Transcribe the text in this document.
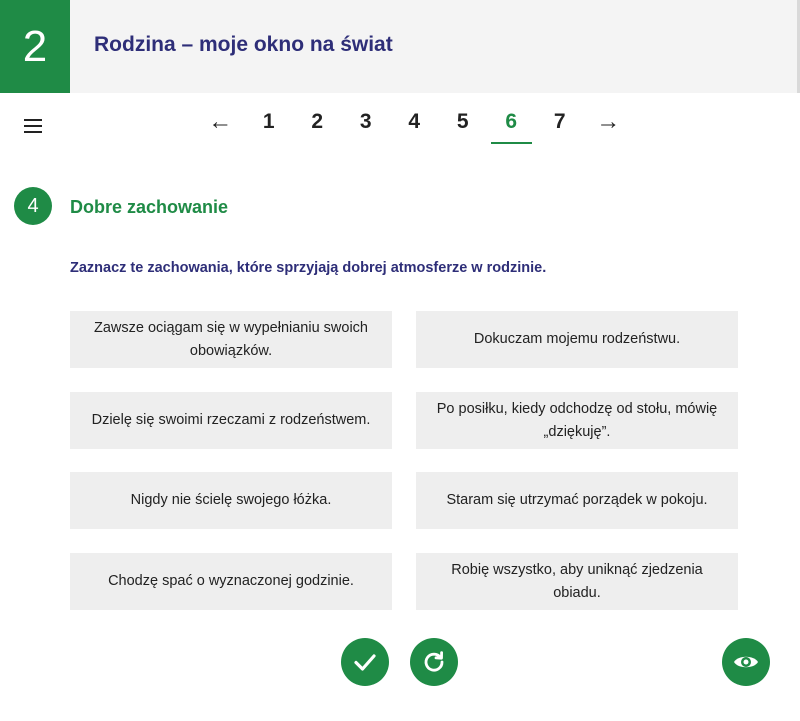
2	Rodzina – moje okno na świat
←	1	2	3	4	5	6	7	→
4	Dobre zachowanie
Zaznacz te zachowania, które sprzyjają dobrej atmosferze w rodzinie.
Zawsze ociągam się w wypełnianiu swoich obowiązków.
Dokuczam mojemu rodzeństwu.
Dzielę się swoimi rzeczami z rodzeństwem.
Po posiłku, kiedy odchodzę od stołu, mówię „dziękuję”.
Nigdy nie ścielę swojego łóżka.	Staram się utrzymać porządek w pokoju.
Chodzę spać o wyznaczonej godzinie.
Robię wszystko, aby uniknąć zjedzenia obiadu.
